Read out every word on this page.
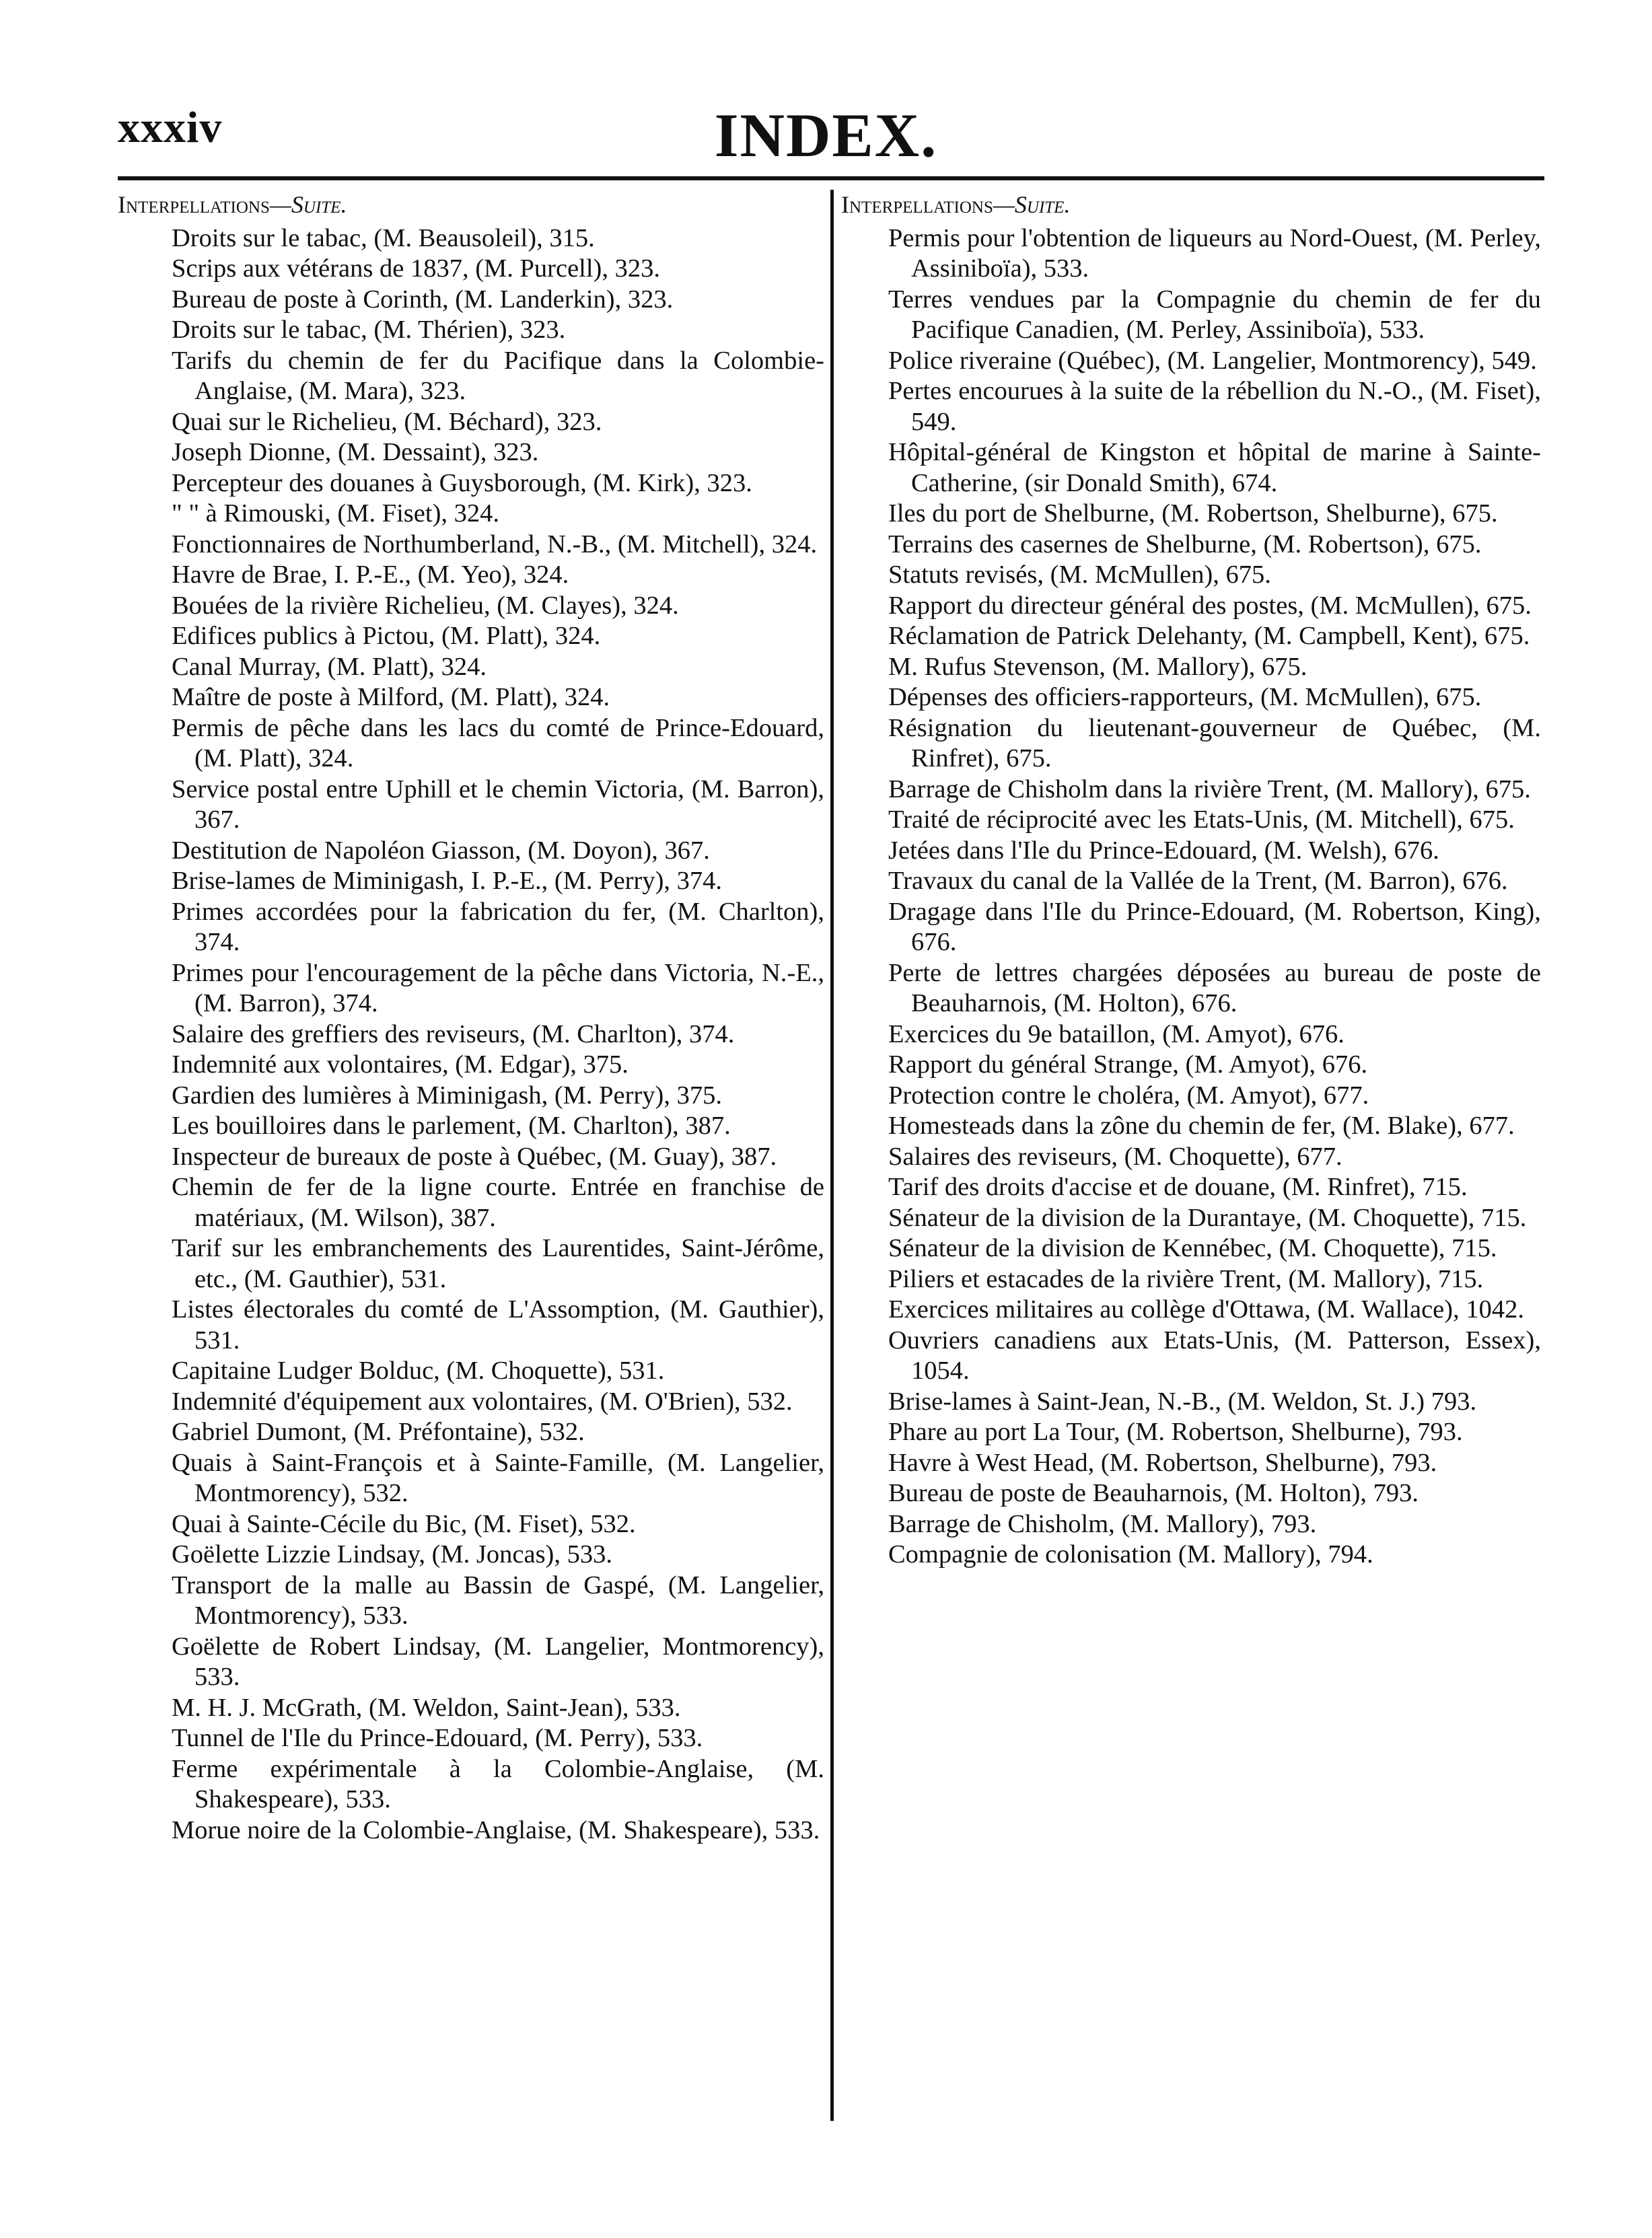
xxxiv	INDEX.
Interpellations—Suite.
Droits sur le tabac, (M. Beausoleil), 315.
Scrips aux vétérans de 1837, (M. Purcell), 323.
Bureau de poste à Corinth, (M. Landerkin), 323.
Droits sur le tabac, (M. Thérien), 323.
Tarifs du chemin de fer du Pacifique dans la Colombie-Anglaise, (M. Mara), 323.
Quai sur le Richelieu, (M. Béchard), 323.
Joseph Dionne, (M. Dessaint), 323.
Percepteur des douanes à Guysborough, (M. Kirk), 323.
" " à Rimouski, (M. Fiset), 324.
Fonctionnaires de Northumberland, N.-B., (M. Mitchell), 324.
Havre de Brae, I. P.-E., (M. Yeo), 324.
Bouées de la rivière Richelieu, (M. Clayes), 324.
Edifices publics à Pictou, (M. Platt), 324.
Canal Murray, (M. Platt), 324.
Maître de poste à Milford, (M. Platt), 324.
Permis de pêche dans les lacs du comté de Prince-Edouard, (M. Platt), 324.
Service postal entre Uphill et le chemin Victoria, (M. Barron), 367.
Destitution de Napoléon Giasson, (M. Doyon), 367.
Brise-lames de Miminigash, I. P.-E., (M. Perry), 374.
Primes accordées pour la fabrication du fer, (M. Charlton), 374.
Primes pour l'encouragement de la pêche dans Victoria, N.-E., (M. Barron), 374.
Salaire des greffiers des reviseurs, (M. Charlton), 374.
Indemnité aux volontaires, (M. Edgar), 375.
Gardien des lumières à Miminigash, (M. Perry), 375.
Les bouilloires dans le parlement, (M. Charlton), 387.
Inspecteur de bureaux de poste à Québec, (M. Guay), 387.
Chemin de fer de la ligne courte. Entrée en franchise de matériaux, (M. Wilson), 387.
Tarif sur les embranchements des Laurentides, Saint-Jérôme, etc., (M. Gauthier), 531.
Listes électorales du comté de L'Assomption, (M. Gauthier), 531.
Capitaine Ludger Bolduc, (M. Choquette), 531.
Indemnité d'équipement aux volontaires, (M. O'Brien), 532.
Gabriel Dumont, (M. Préfontaine), 532.
Quais à Saint-François et à Sainte-Famille, (M. Langelier, Montmorency), 532.
Quai à Sainte-Cécile du Bic, (M. Fiset), 532.
Goëlette Lizzie Lindsay, (M. Joncas), 533.
Transport de la malle au Bassin de Gaspé, (M. Langelier, Montmorency), 533.
Goëlette de Robert Lindsay, (M. Langelier, Montmorency), 533.
M. H. J. McGrath, (M. Weldon, Saint-Jean), 533.
Tunnel de l'Ile du Prince-Edouard, (M. Perry), 533.
Ferme expérimentale à la Colombie-Anglaise, (M. Shakespeare), 533.
Morue noire de la Colombie-Anglaise, (M. Shakespeare), 533.
Interpellations—Suite.
Permis pour l'obtention de liqueurs au Nord-Ouest, (M. Perley, Assiniboïa), 533.
Terres vendues par la Compagnie du chemin de fer du Pacifique Canadien, (M. Perley, Assiniboïa), 533.
Police riveraine (Québec), (M. Langelier, Montmorency), 549.
Pertes encourues à la suite de la rébellion du N.-O., (M. Fiset), 549.
Hôpital-général de Kingston et hôpital de marine à Sainte-Catherine, (sir Donald Smith), 674.
Iles du port de Shelburne, (M. Robertson, Shelburne), 675.
Terrains des casernes de Shelburne, (M. Robertson), 675.
Statuts revisés, (M. McMullen), 675.
Rapport du directeur général des postes, (M. McMullen), 675.
Réclamation de Patrick Delehanty, (M. Campbell, Kent), 675.
M. Rufus Stevenson, (M. Mallory), 675.
Dépenses des officiers-rapporteurs, (M. McMullen), 675.
Résignation du lieutenant-gouverneur de Québec, (M. Rinfret), 675.
Barrage de Chisholm dans la rivière Trent, (M. Mallory), 675.
Traité de réciprocité avec les Etats-Unis, (M. Mitchell), 675.
Jetées dans l'Ile du Prince-Edouard, (M. Welsh), 676.
Travaux du canal de la Vallée de la Trent, (M. Barron), 676.
Dragage dans l'Ile du Prince-Edouard, (M. Robertson, King), 676.
Perte de lettres chargées déposées au bureau de poste de Beauharnois, (M. Holton), 676.
Exercices du 9e bataillon, (M. Amyot), 676.
Rapport du général Strange, (M. Amyot), 676.
Protection contre le choléra, (M. Amyot), 677.
Homesteads dans la zône du chemin de fer, (M. Blake), 677.
Salaires des reviseurs, (M. Choquette), 677.
Tarif des droits d'accise et de douane, (M. Rinfret), 715.
Sénateur de la division de la Durantaye, (M. Choquette), 715.
Sénateur de la division de Kennébec, (M. Choquette), 715.
Piliers et estacades de la rivière Trent, (M. Mallory), 715.
Exercices militaires au collège d'Ottawa, (M. Wallace), 1042.
Ouvriers canadiens aux Etats-Unis, (M. Patterson, Essex), 1054.
Brise-lames à Saint-Jean, N.-B., (M. Weldon, St. J.) 793.
Phare au port La Tour, (M. Robertson, Shelburne), 793.
Havre à West Head, (M. Robertson, Shelburne), 793.
Bureau de poste de Beauharnois, (M. Holton), 793.
Barrage de Chisholm, (M. Mallory), 793.
Compagnie de colonisation (M. Mallory), 794.
